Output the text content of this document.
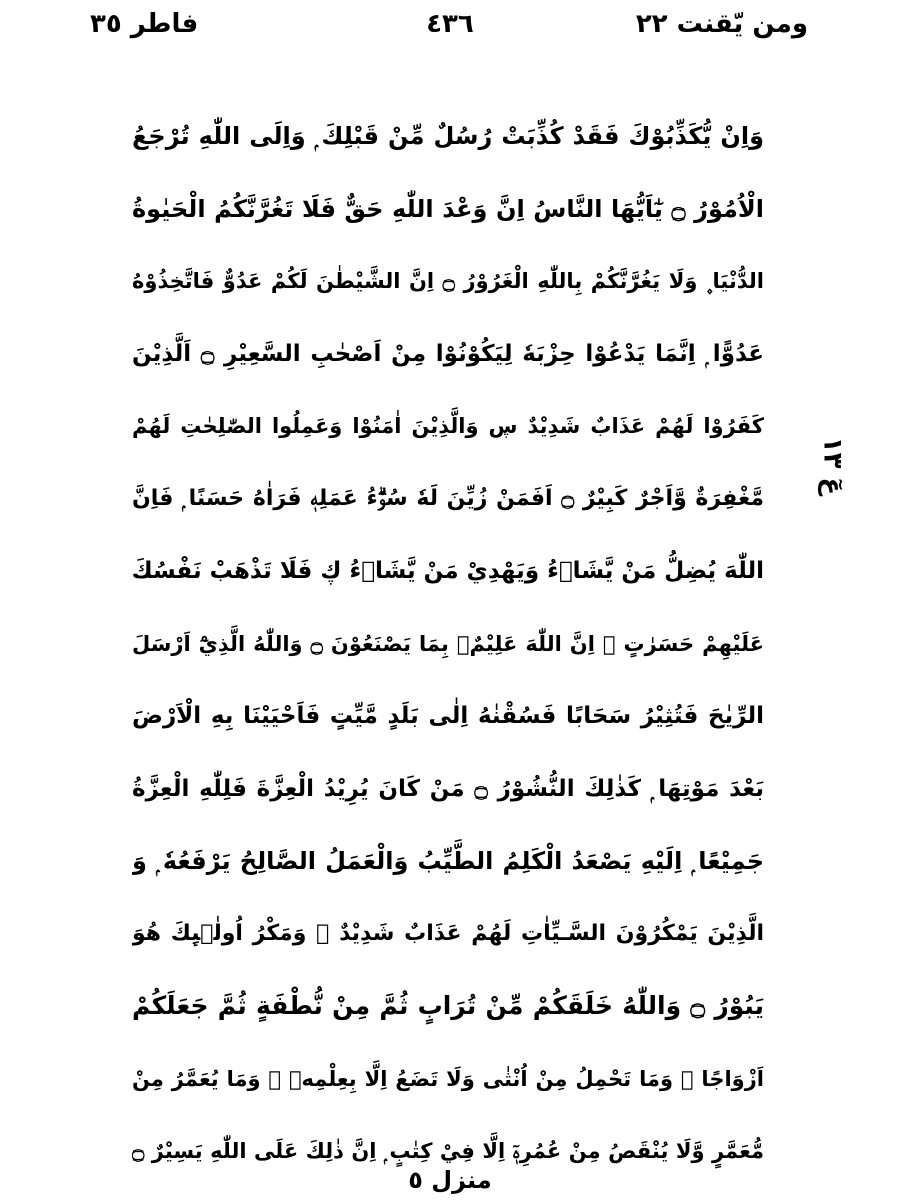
ومن يّقنت ٢٢
٤٣٦
فاطر ٣٥
وَاِنْ يُّكَذِّبُوْكَ فَقَدْ كُذِّبَتْ رُسُلٌ مِّنْ قَبْلِكَ ۭ وَاِلَى اللّٰهِ تُرْجَعُ
الْاُمُوْرُ ۝ يٰٓاَيُّهَا النَّاسُ اِنَّ وَعْدَ اللّٰهِ حَقٌّ فَلَا تَغُرَّنَّكُمُ الْحَيٰوةُ
الدُّنْيَا ۪ وَلَا يَغُرَّنَّكُمْ بِاللّٰهِ الْغَرُوْرُ ۝ اِنَّ الشَّيْطٰنَ لَكُمْ عَدُوٌّ فَاتَّخِذُوْهُ
عَدُوًّا ۭ اِنَّمَا يَدْعُوْا حِزْبَهٗ لِيَكُوْنُوْا مِنْ اَصْحٰبِ السَّعِيْرِ ۝ اَلَّذِيْنَ
كَفَرُوْا لَهُمْ عَذَابٌ شَدِيْدٌ ڛ وَالَّذِيْنَ اٰمَنُوْا وَعَمِلُوا الصّٰلِحٰتِ لَهُمْ
مَّغْفِرَةٌ وَّاَجْرٌ كَبِيْرٌ ۝ اَفَمَنْ زُيِّنَ لَهٗ سُوْۗءُ عَمَلِهٖ فَرَاٰهُ حَسَنًا ۭ فَاِنَّ
اللّٰهَ يُضِلُّ مَنْ يَّشَاۗءُ وَيَهْدِيْ مَنْ يَّشَاۗءُ ڮ فَلَا تَذْهَبْ نَفْسُكَ
عَلَيْهِمْ حَسَرٰتٍ ۭ اِنَّ اللّٰهَ عَلِيْمٌۢ بِمَا يَصْنَعُوْنَ ۝ وَاللّٰهُ الَّذِيْٓ اَرْسَلَ
الرِّيٰحَ فَتُثِيْرُ سَحَابًا فَسُقْنٰهُ اِلٰى بَلَدٍ مَّيِّتٍ فَاَحْيَيْنَا بِهِ الْاَرْضَ
بَعْدَ مَوْتِهَا ۭ كَذٰلِكَ النُّشُوْرُ ۝ مَنْ كَانَ يُرِيْدُ الْعِزَّةَ فَلِلّٰهِ الْعِزَّةُ
جَمِيْعًا ۭ اِلَيْهِ يَصْعَدُ الْكَلِمُ الطَّيِّبُ وَالْعَمَلُ الصَّالِحُ يَرْفَعُهٗ ۭ وَ
الَّذِيْنَ يَمْكُرُوْنَ السَّـيِّاٰتِ لَهُمْ عَذَابٌ شَدِيْدٌ ۭ وَمَكْرُ اُولٰۗىِٕكَ هُوَ
يَبُوْرُ ۝ وَاللّٰهُ خَلَقَكُمْ مِّنْ تُرَابٍ ثُمَّ مِنْ نُّطْفَةٍ ثُمَّ جَعَلَكُمْ
اَزْوَاجًا ۭ وَمَا تَحْمِلُ مِنْ اُنْثٰى وَلَا تَضَعُ اِلَّا بِعِلْمِهٖ ۭ وَمَا يُعَمَّرُ مِنْ
مُّعَمَّرٍ وَّلَا يُنْقَصُ مِنْ عُمُرِهٖٓ اِلَّا فِيْ كِتٰبٍ ۭ اِنَّ ذٰلِكَ عَلَى اللّٰهِ يَسِيْرٌ ۝
عٓ ١٣
منزل ٥
